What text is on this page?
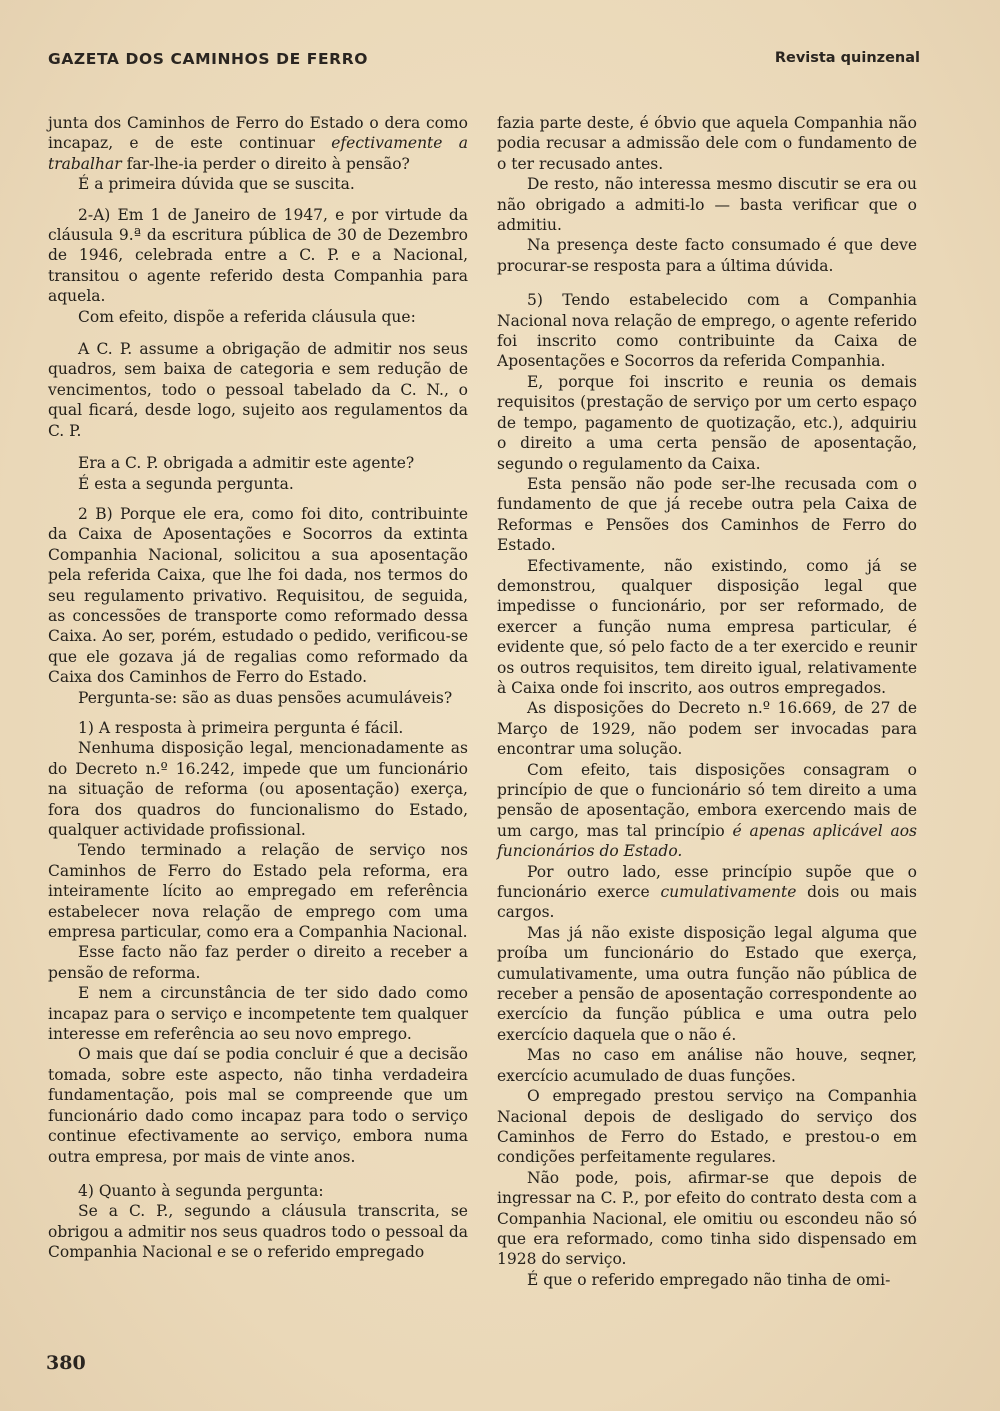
GAZETA DOS CAMINHOS DE FERRO	Revista quinzenal

junta dos Caminhos de Ferro do Estado o dera como incapaz, e de este continuar efectivamente a trabalhar far-lhe-ia perder o direito à pensão?

É a primeira dúvida que se suscita.

2-A) Em 1 de Janeiro de 1947, e por virtude da cláusula 9.ª da escritura pública de 30 de Dezembro de 1946, celebrada entre a C. P. e a Nacional, transitou o agente referido desta Companhia para aquela.

Com efeito, dispõe a referida cláusula que:

A C. P. assume a obrigação de admitir nos seus quadros, sem baixa de categoria e sem redução de vencimentos, todo o pessoal tabelado da C. N., o qual ficará, desde logo, sujeito aos regulamentos da C. P.

Era a C. P. obrigada a admitir este agente?

É esta a segunda pergunta.

2 B) Porque ele era, como foi dito, contribuinte da Caixa de Aposentações e Socorros da extinta Companhia Nacional, solicitou a sua aposentação pela referida Caixa, que lhe foi dada, nos termos do seu regulamento privativo. Requisitou, de seguida, as concessões de transporte como reformado dessa Caixa. Ao ser, porém, estudado o pedido, verificou-se que ele gozava já de regalias como reformado da Caixa dos Caminhos de Ferro do Estado.

Pergunta-se: são as duas pensões acumuláveis?

1) A resposta à primeira pergunta é fácil.

Nenhuma disposição legal, mencionadamente as do Decreto n.º 16.242, impede que um funcionário na situação de reforma (ou aposentação) exerça, fora dos quadros do funcionalismo do Estado, qualquer actividade profissional.

Tendo terminado a relação de serviço nos Caminhos de Ferro do Estado pela reforma, era inteiramente lícito ao empregado em referência estabelecer nova relação de emprego com uma empresa particular, como era a Companhia Nacional.

Esse facto não faz perder o direito a receber a pensão de reforma.

E nem a circunstância de ter sido dado como incapaz para o serviço e incompetente tem qualquer interesse em referência ao seu novo emprego.

O mais que daí se podia concluir é que a decisão tomada, sobre este aspecto, não tinha verdadeira fundamentação, pois mal se compreende que um funcionário dado como incapaz para todo o serviço continue efectivamente ao serviço, embora numa outra empresa, por mais de vinte anos.

4) Quanto à segunda pergunta:

Se a C. P., segundo a cláusula transcrita, se obrigou a admitir nos seus quadros todo o pessoal da Companhia Nacional e se o referido empregado

fazia parte deste, é óbvio que aquela Companhia não podia recusar a admissão dele com o fundamento de o ter recusado antes.

De resto, não interessa mesmo discutir se era ou não obrigado a admiti-lo — basta verificar que o admitiu.

Na presença deste facto consumado é que deve procurar-se resposta para a última dúvida.

5) Tendo estabelecido com a Companhia Nacional nova relação de emprego, o agente referido foi inscrito como contribuinte da Caixa de Aposentações e Socorros da referida Companhia.

E, porque foi inscrito e reunia os demais requisitos (prestação de serviço por um certo espaço de tempo, pagamento de quotização, etc.), adquiriu o direito a uma certa pensão de aposentação, segundo o regulamento da Caixa.

Esta pensão não pode ser-lhe recusada com o fundamento de que já recebe outra pela Caixa de Reformas e Pensões dos Caminhos de Ferro do Estado.

Efectivamente, não existindo, como já se demonstrou, qualquer disposição legal que impedisse o funcionário, por ser reformado, de exercer a função numa empresa particular, é evidente que, só pelo facto de a ter exercido e reunir os outros requisitos, tem direito igual, relativamente à Caixa onde foi inscrito, aos outros empregados.

As disposições do Decreto n.º 16.669, de 27 de Março de 1929, não podem ser invocadas para encontrar uma solução.

Com efeito, tais disposições consagram o princípio de que o funcionário só tem direito a uma pensão de aposentação, embora exercendo mais de um cargo, mas tal princípio é apenas aplicável aos funcionários do Estado.

Por outro lado, esse princípio supõe que o funcionário exerce cumulativamente dois ou mais cargos.

Mas já não existe disposição legal alguma que proíba um funcionário do Estado que exerça, cumulativamente, uma outra função não pública de receber a pensão de aposentação correspondente ao exercício da função pública e uma outra pelo exercício daquela que o não é.

Mas no caso em análise não houve, seqner, exercício acumulado de duas funções.

O empregado prestou serviço na Companhia Nacional depois de desligado do serviço dos Caminhos de Ferro do Estado, e prestou-o em condições perfeitamente regulares.

Não pode, pois, afirmar-se que depois de ingressar na C. P., por efeito do contrato desta com a Companhia Nacional, ele omitiu ou escondeu não só que era reformado, como tinha sido dispensado em 1928 do serviço.

É que o referido empregado não tinha de omi-

380
